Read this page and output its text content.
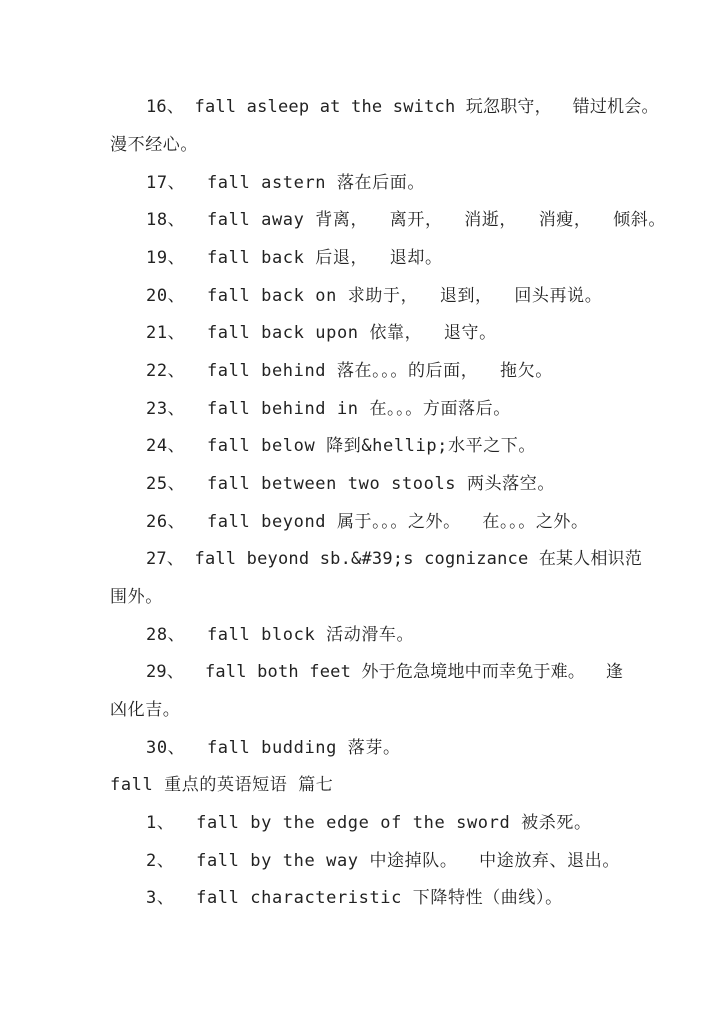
16、 fall asleep at the switch 玩忽职守，  错过机会。
漫不经心。
17、  fall astern 落在后面。
18、  fall away 背离，  离开，  消逝，  消瘦，  倾斜。
19、  fall back 后退，  退却。
20、  fall back on 求助于，  退到，  回头再说。
21、  fall back upon 依靠，  退守。
22、  fall behind 落在。。。的后面，  拖欠。
23、  fall behind in 在。。。方面落后。
24、  fall below 降到&hellip;水平之下。
25、  fall between two stools 两头落空。
26、  fall beyond 属于。。。之外。  在。。。之外。
27、 fall beyond sb.&#39;s cognizance 在某人相识范
围外。
28、  fall block 活动滑车。
29、  fall both feet 外于危急境地中而幸免于难。  逢
凶化吉。
30、  fall budding 落芽。
fall 重点的英语短语 篇七
1、  fall by the edge of the sword 被杀死。
2、  fall by the way 中途掉队。  中途放弃、退出。
3、  fall characteristic 下降特性（曲线）。
